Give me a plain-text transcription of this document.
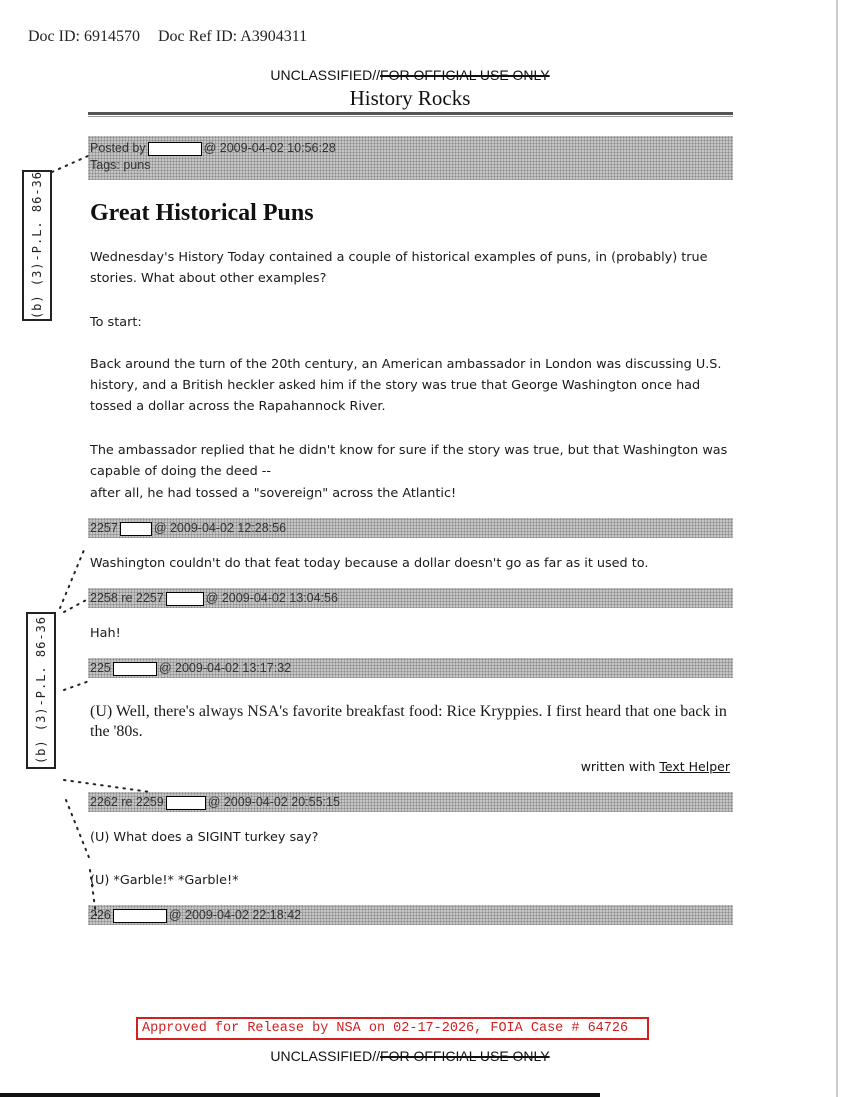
Doc ID: 6914570 Doc Ref ID: A3904311
UNCLASSIFIED//FOR OFFICIAL USE ONLY
History Rocks
Posted by	@ 2009-04-02 10:56:28
Tags: puns
Great Historical Puns
Wednesday's History Today contained a couple of historical examples of puns, in (probably) true stories. What about other examples?
To start:
Back around the turn of the 20th century, an American ambassador in London was discussing U.S. history, and a British heckler asked him if the story was true that George Washington once had tossed a dollar across the Rapahannock River.
The ambassador replied that he didn't know for sure if the story was true, but that Washington was capable of doing the deed --
after all, he had tossed a "sovereign" across the Atlantic!
2257	@ 2009-04-02 12:28:56
Washington couldn't do that feat today because a dollar doesn't go as far as it used to.
2258 re 2257	@ 2009-04-02 13:04:56
Hah!
225	@ 2009-04-02 13:17:32
(U) Well, there's always NSA's favorite breakfast food: Rice Kryppies. I first heard that one back in the '80s.
written with Text Helper
2262 re 2259	@ 2009-04-02 20:55:15
(U) What does a SIGINT turkey say?
(U) *Garble!* *Garble!*
226	@ 2009-04-02 22:18:42
(b) (3)-P.L. 86-36
(b) (3)-P.L. 86-36
Approved for Release by NSA on 02-17-2026, FOIA Case # 64726
UNCLASSIFIED//FOR OFFICIAL USE ONLY
